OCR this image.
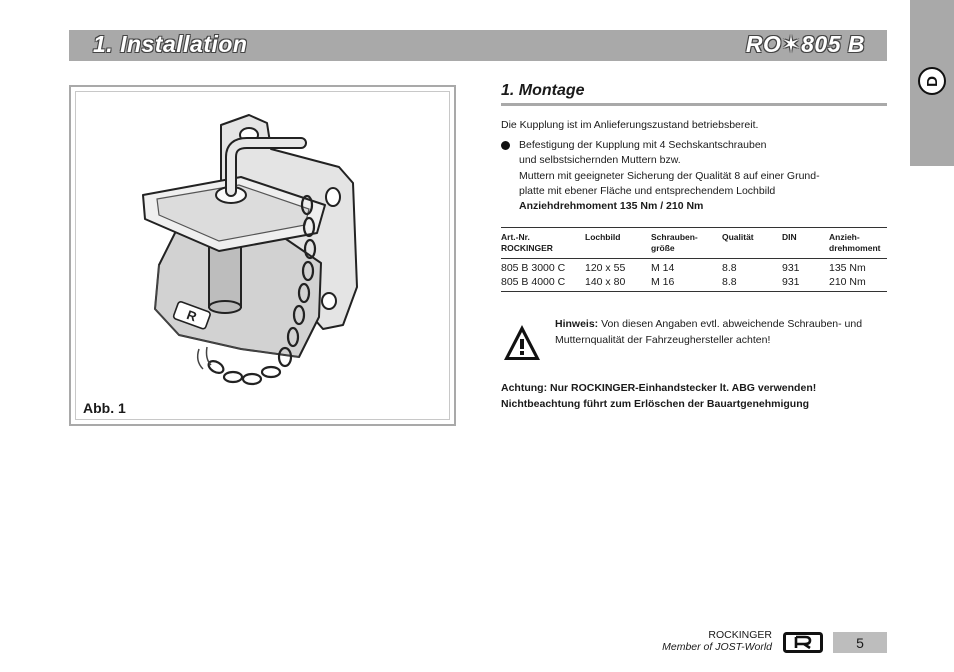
1. Installation	RO✶805 B
D
R
Abb. 1
1. Montage
Die Kupplung ist im Anlieferungszustand betriebsbereit.
Befestigung der Kupplung mit 4 Sechskantschrauben
und selbstsichernden Muttern bzw.
Muttern mit geeigneter Sicherung der Qualität 8 auf einer Grund-
platte mit ebener Fläche und entsprechendem Lochbild
Anziehdrehmoment 135 Nm / 210 Nm
Art.-Nr.
ROCKINGER	Lochbild	Schrauben-
größe	Qualität	DIN	Anzieh-
drehmoment
805 B 3000 C	120 x 55	M 14	8.8	931	135 Nm
805 B 4000 C	140 x 80	M 16	8.8	931	210 Nm
Hinweis: Von diesen Angaben evtl. abweichende Schrauben- und Mutternqualität der Fahrzeughersteller achten!
Achtung: Nur ROCKINGER-Einhandstecker lt. ABG verwenden!
Nichtbeachtung führt zum Erlöschen der Bauartgenehmigung
ROCKINGER
Member of JOST-World	5
